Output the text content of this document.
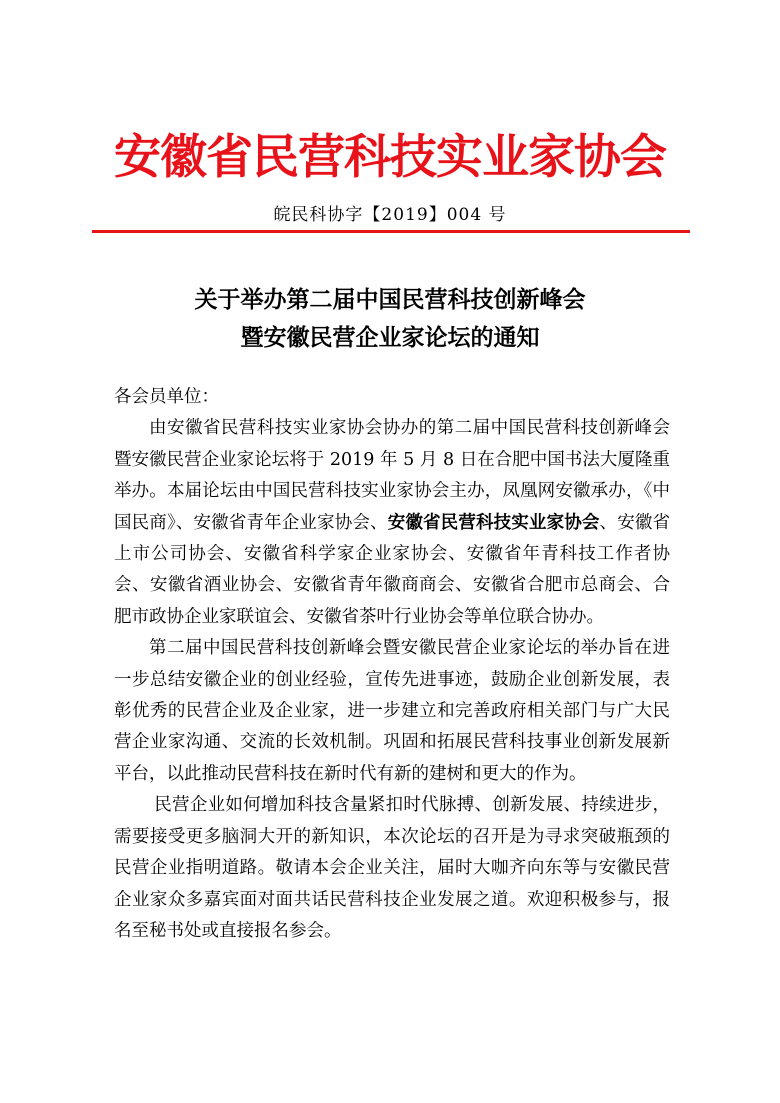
安徽省民营科技实业家协会
皖民科协字【2019】004 号
关于举办第二届中国民营科技创新峰会
暨安徽民营企业家论坛的通知

各会员单位：

由安徽省民营科技实业家协会协办的第二届中国民营科技创新峰会暨安徽民营企业家论坛将于 2019 年 5 月 8 日在合肥中国书法大厦隆重举办。本届论坛由中国民营科技实业家协会主办，凤凰网安徽承办，《中国民商》、安徽省青年企业家协会、安徽省民营科技实业家协会、安徽省上市公司协会、安徽省科学家企业家协会、安徽省年青科技工作者协会、安徽省酒业协会、安徽省青年徽商商会、安徽省合肥市总商会、合肥市政协企业家联谊会、安徽省茶叶行业协会等单位联合协办。

第二届中国民营科技创新峰会暨安徽民营企业家论坛的举办旨在进一步总结安徽企业的创业经验，宣传先进事迹，鼓励企业创新发展，表彰优秀的民营企业及企业家，进一步建立和完善政府相关部门与广大民营企业家沟通、交流的长效机制。巩固和拓展民营科技事业创新发展新平台，以此推动民营科技在新时代有新的建树和更大的作为。

民营企业如何增加科技含量紧扣时代脉搏、创新发展、持续进步，需要接受更多脑洞大开的新知识，本次论坛的召开是为寻求突破瓶颈的民营企业指明道路。敬请本会企业关注，届时大咖齐向东等与安徽民营企业家众多嘉宾面对面共话民营科技企业发展之道。欢迎积极参与，报名至秘书处或直接报名参会。
